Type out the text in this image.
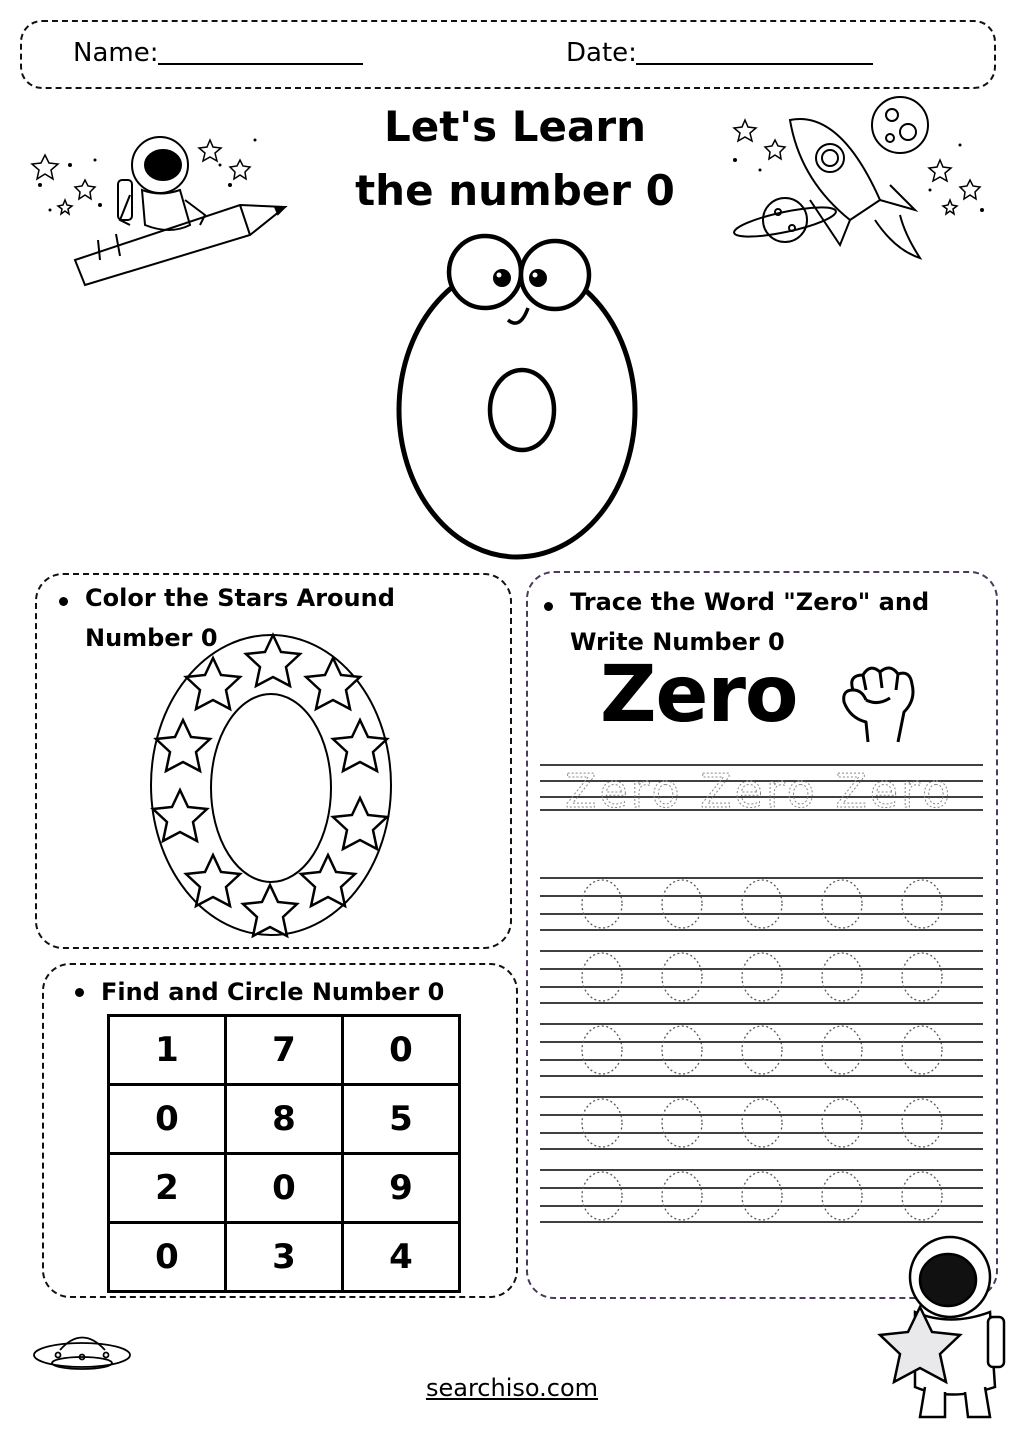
Name:	Date:
Let's Learn
the number 0
Color the Stars Around
Number 0
Find and Circle Number 0
1	7	0
0	8	5
2	0	9
0	3	4
Trace the Word "Zero" and
Write Number 0
Zero
Zero Zero Zero
searchiso.com
